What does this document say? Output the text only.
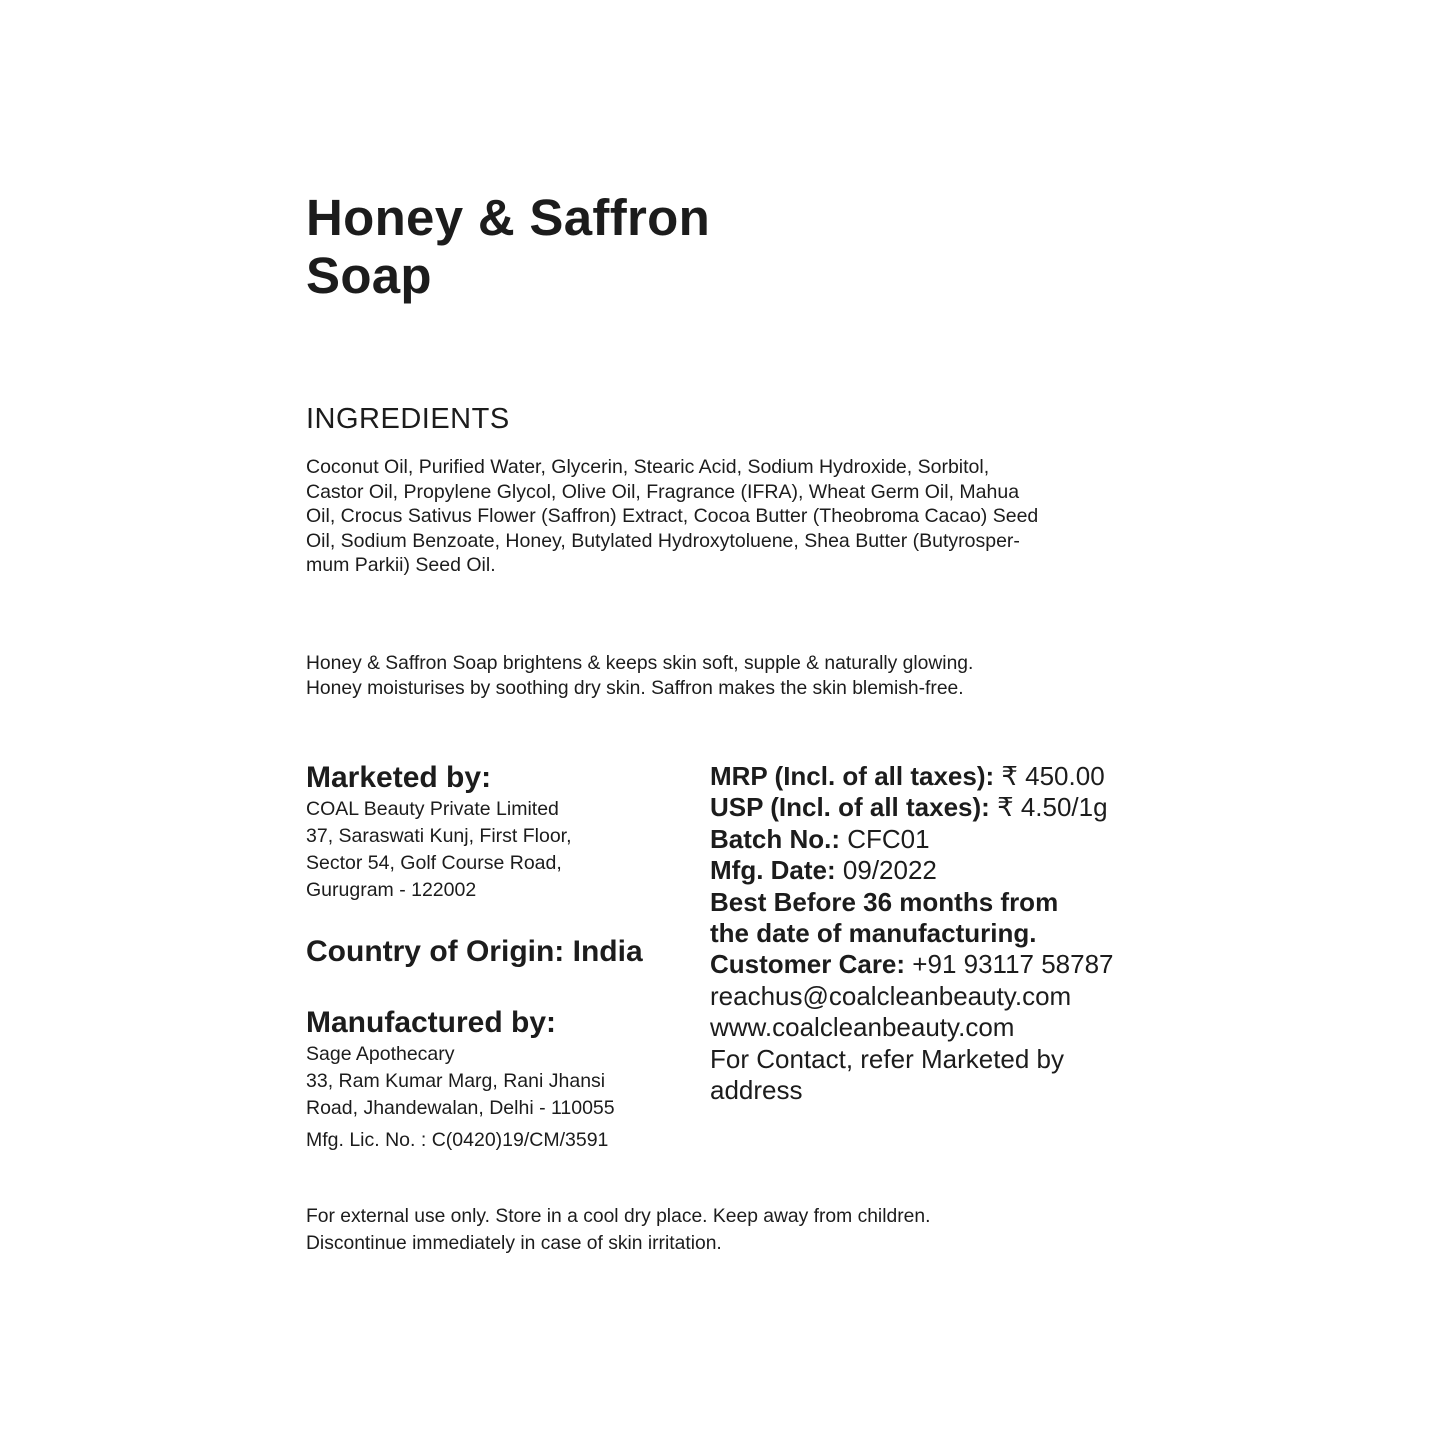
Honey & Saffron
Soap
INGREDIENTS
Coconut Oil, Purified Water, Glycerin, Stearic Acid, Sodium Hydroxide, Sorbitol,
Castor Oil, Propylene Glycol, Olive Oil, Fragrance (IFRA), Wheat Germ Oil, Mahua
Oil, Crocus Sativus Flower (Saffron) Extract, Cocoa Butter (Theobroma Cacao) Seed
Oil, Sodium Benzoate, Honey, Butylated Hydroxytoluene, Shea Butter (Butyrosper-
mum Parkii) Seed Oil.
Honey & Saffron Soap brightens & keeps skin soft, supple & naturally glowing.
Honey moisturises by soothing dry skin. Saffron makes the skin blemish-free.
Marketed by:
COAL Beauty Private Limited
37, Saraswati Kunj, First Floor,
Sector 54, Golf Course Road,
Gurugram - 122002
Country of Origin: India
Manufactured by:
Sage Apothecary
33, Ram Kumar Marg, Rani Jhansi
Road, Jhandewalan, Delhi - 110055
Mfg. Lic. No. : C(0420)19/CM/3591
MRP (Incl. of all taxes): ₹ 450.00
USP (Incl. of all taxes): ₹ 4.50/1g
Batch No.: CFC01
Mfg. Date: 09/2022
Best Before 36 months from
the date of manufacturing.
Customer Care: +91 93117 58787
reachus@coalcleanbeauty.com
www.coalcleanbeauty.com
For Contact, refer Marketed by
address
For external use only. Store in a cool dry place. Keep away from children.
Discontinue immediately in case of skin irritation.
